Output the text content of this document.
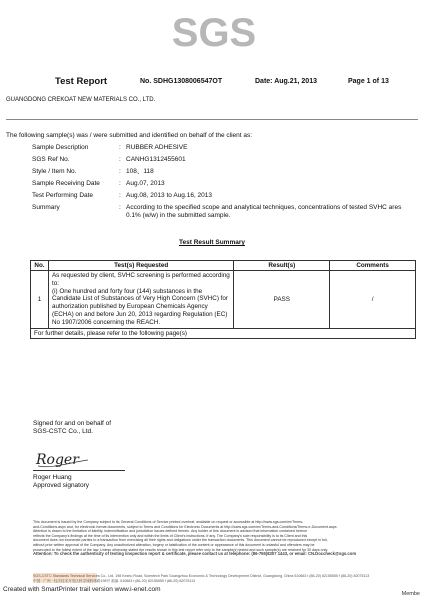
SGS
Test Report	No. SDHG1308006547OT	Date: Aug.21, 2013	Page 1 of 13
GUANGDONG CREKOAT NEW MATERIALS CO., LTD.
The following sample(s) was / were submitted and identified on behalf of the client as:
Sample Description	: RUBBER ADHESIVE
SGS Ref No.	: CANHG1312455601
Style / Item No.	: 108、118
Sample Receiving Date	: Aug.07, 2013
Test Performing Date	: Aug.08, 2013 to Aug.16, 2013
Summary	: According to the specified scope and analytical techniques, concentrations of tested SVHC ares 0.1% (w/w) in the submitted sample.
Test Result Summary
No.	Test(s) Requested	Result(s)	Comments
1	As requested by client, SVHC screening is performed according to:
(i) One hundred and forty four (144) substances in the Candidate List of Substances of Very High Concern (SVHC) for authorization published by European Chemicals Agency (ECHA) on and before Jun 20, 2013 regarding Regulation (EC) No 1907/2006 concerning the REACH.	PASS	/
For further details, please refer to the following page(s)			
Signed for and on behalf of
SGS-CSTC Co., Ltd.
Roger
Roger Huang
Approved signatory
This document is issued by the Company subject to its General Conditions of Service printed overleaf, available on request or accessible at http://www.sgs.com/en/Terms-
and-Conditions.aspx and, for electronic format documents, subject to Terms and Conditions for Electronic Documents at http://www.sgs.com/en/Terms-and-Conditions/Terms-e-Document.aspx.
Attention is drawn to the limitation of liability, indemnification and jurisdiction issues defined therein. Any holder of this document is advised that information contained hereon
reflects the Company's findings at the time of its intervention only and within the limits of Client's instructions, if any. The Company's sole responsibility is to its Client and this
document does not exonerate parties to a transaction from exercising all their rights and obligations under the transaction documents. This document cannot be reproduced except in full,
without prior written approval of the Company. Any unauthorized alteration, forgery or falsification of the content or appearance of this document is unlawful and offenders may be
prosecuted to the fullest extent of the law. Unless otherwise stated the results shown in this test report refer only to the sample(s) tested and such sample(s) are retained for 30 days only.
Attention: To check the authenticity of testing /inspection report & certificate, please contact us at telephone: (86-755)8307 1443, or email: CN.Doccheck@sgs.com
SGS-CSTC Standards Technical Services Co., Ltd. 198 Kezhu Road, Scientech Park Guangzhou Economic & Technology Development District, Guangdong, China 510663 t (86-20) 82155555 f (86-20) 82075113
中国 · 广州 · 经济技术开发区科学城科珠路198号 邮编: 510663 t (86-20) 82155555 f (86-20) 82075113
Created with SmartPrinter trail version www.i-enet.com
Membe
